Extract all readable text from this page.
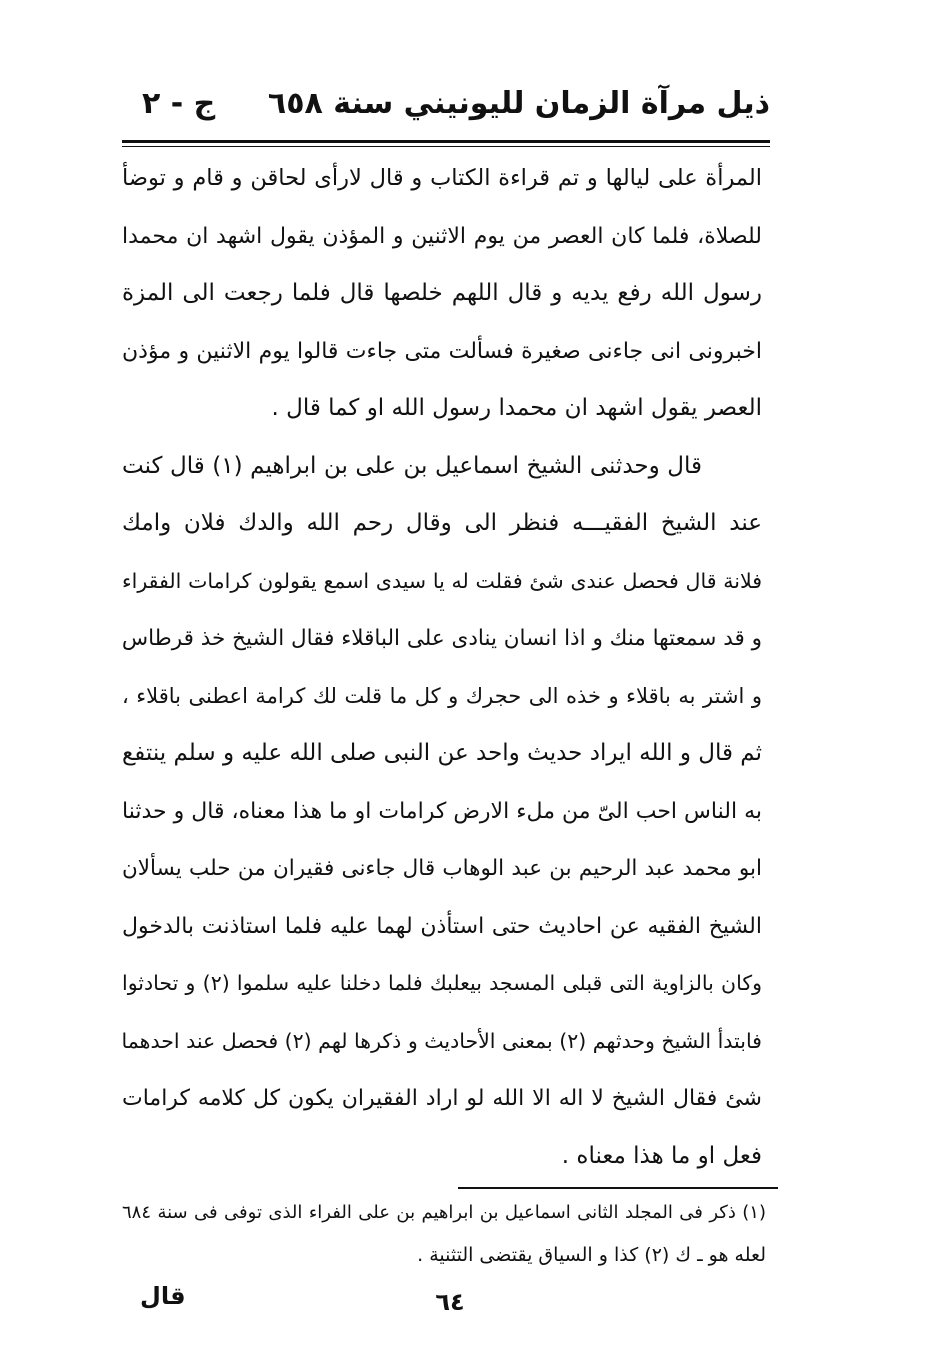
ذيل مرآة الزمان لليونيني سنة ٦٥٨
ج - ٢
المرأة على ليالها و تم قراءة الكتاب و قال لارأى لحاقن و قام و توضأ
للصلاة، فلما كان العصر من يوم الاثنين و المؤذن يقول اشهد ان محمدا
رسول الله رفع يديه و قال اللهم خلصها قال فلما رجعت الى المزة
اخبرونى انى جاءنى صغيرة فسألت متى جاءت قالوا يوم الاثنين و مؤذن
العصر يقول اشهد ان محمدا رسول الله او كما قال .
قال وحدثنى الشيخ اسماعيل بن على بن ابراهيم (١) قال كنت
عند الشيخ الفقيـــه فنظر الى وقال رحم الله والدك فلان وامك
فلانة قال فحصل عندى شئ فقلت له يا سيدى اسمع يقولون كرامات الفقراء
و قد سمعتها منك و اذا انسان ينادى على الباقلاء فقال الشيخ خذ قرطاس
و اشتر به باقلاء و خذه الى حجرك و كل ما قلت لك كرامة اعطنى باقلاء ،
ثم قال و الله ايراد حديث واحد عن النبى صلى الله عليه و سلم ينتفع
به الناس احب الىّ من ملء الارض كرامات او ما هذا معناه، قال و حدثنا
ابو محمد عبد الرحيم بن عبد الوهاب قال جاءنى فقيران من حلب يسألان
الشيخ الفقيه عن احاديث حتى استأذن لهما عليه فلما استاذنت بالدخول
وكان بالزاوية التى قبلى المسجد بيعلبك فلما دخلنا عليه سلموا (٢) و تحادثوا
فابتدأ الشيخ وحدثهم (٢) بمعنى الأحاديث و ذكرها لهم (٢) فحصل عند احدهما
شئ فقال الشيخ لا اله الا الله لو اراد الفقيران يكون كل كلامه كرامات
فعل او ما هذا معناه .
(١) ذكر فى المجلد الثانى اسماعيل بن ابراهيم بن على الفراء الذى توفى فى سنة ٦٨٤
لعله هو ـ ك (٢) كذا و السياق يقتضى التثنية .
٦٤
قال
